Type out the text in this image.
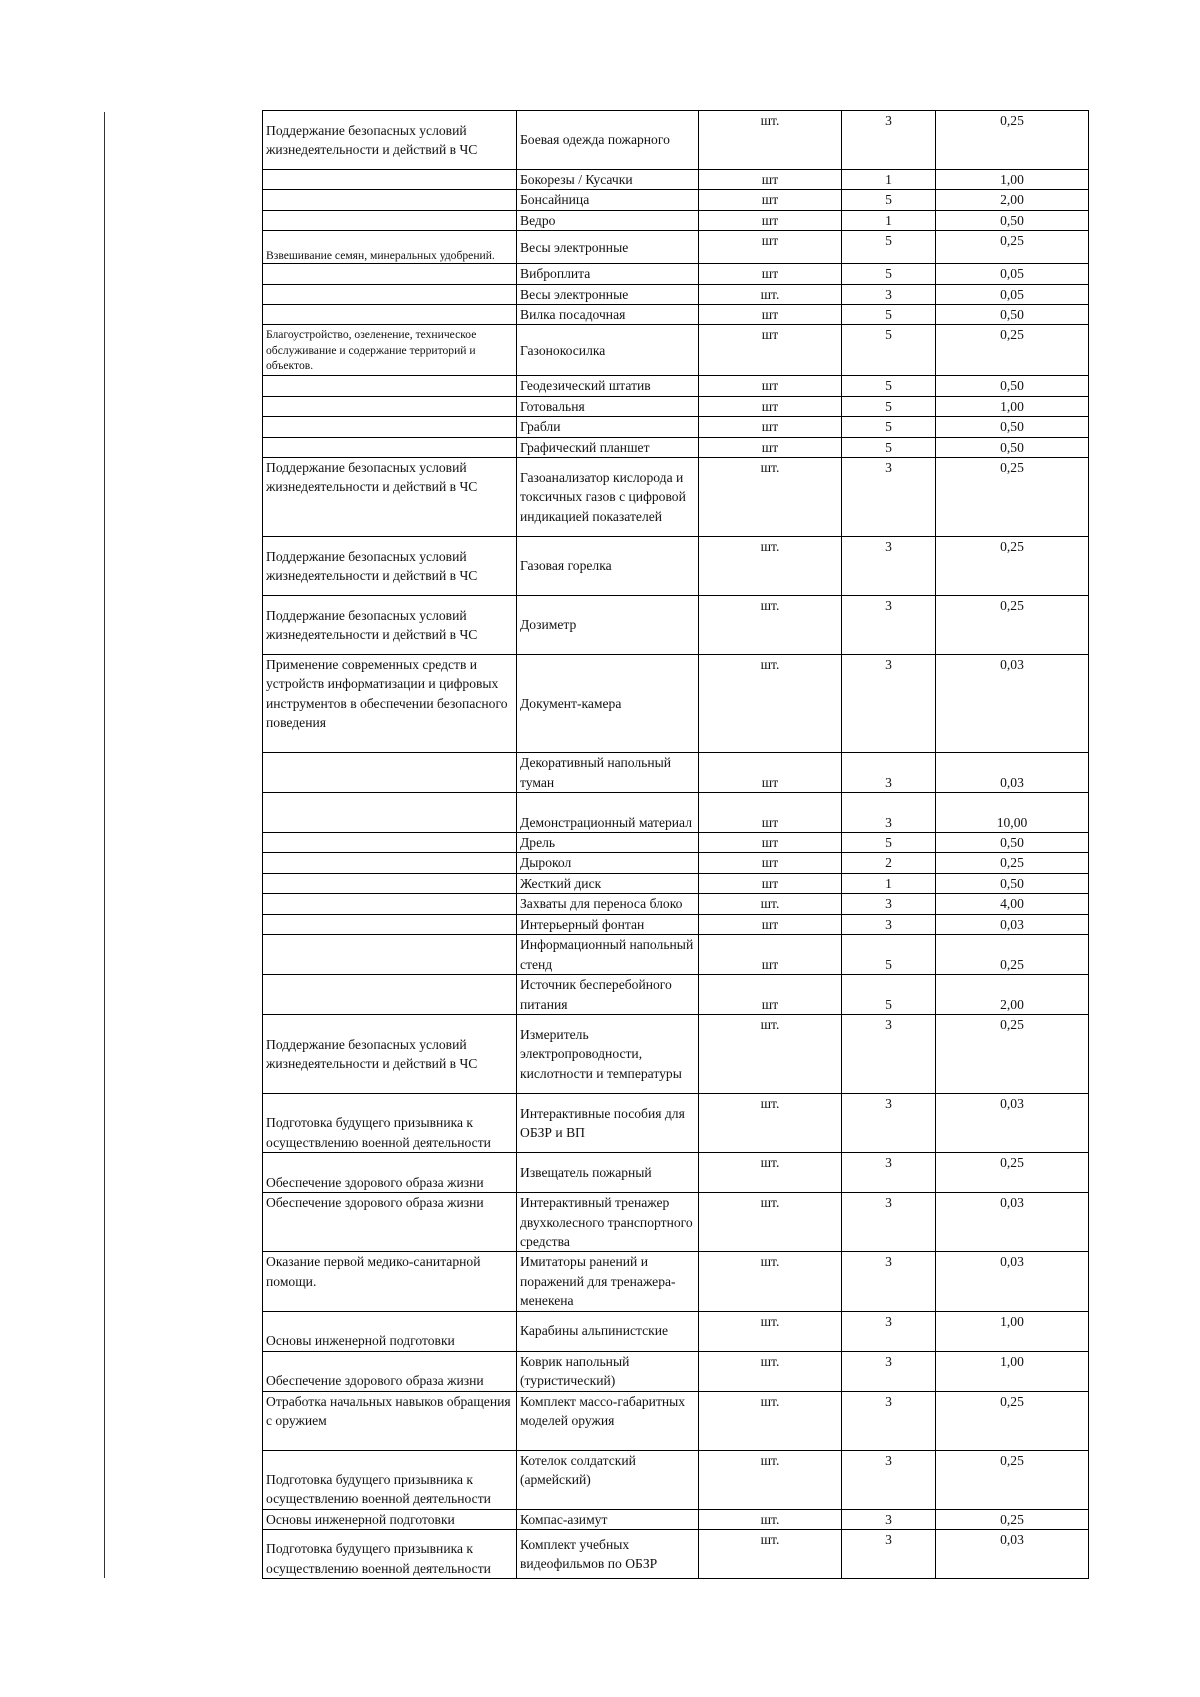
Поддержание безопасных условий жизнедеятельности и действий в ЧС	Боевая одежда пожарного	шт.	3	0,25
	Бокорезы / Кусачки	шт	1	1,00
	Бонсайница	шт	5	2,00
	Ведро	шт	1	0,50
Взвешивание семян, минеральных удобрений.	Весы электронные	шт	5	0,25
	Виброплита	шт	5	0,05
	Весы электронные	шт.	3	0,05
	Вилка посадочная	шт	5	0,50
Благоустройство, озеленение, техническое обслуживание и содержание территорий и объектов.	Газонокосилка	шт	5	0,25
	Геодезический штатив	шт	5	0,50
	Готовальня	шт	5	1,00
	Грабли	шт	5	0,50
	Графический планшет	шт	5	0,50
Поддержание безопасных условий жизнедеятельности и действий в ЧС	Газоанализатор кислорода и токсичных газов с цифровой индикацией показателей	шт.	3	0,25
Поддержание безопасных условий жизнедеятельности и действий в ЧС	Газовая горелка	шт.	3	0,25
Поддержание безопасных условий жизнедеятельности и действий в ЧС	Дозиметр	шт.	3	0,25
Применение современных средств и устройств информатизации и цифровых инструментов в обеспечении безопасного поведения	Документ-камера	шт.	3	0,03
	Декоративный напольный туман	шт	3	0,03
	Демонстрационный материал	шт	3	10,00
	Дрель	шт	5	0,50
	Дырокол	шт	2	0,25
	Жесткий диск	шт	1	0,50
	Захваты для переноса блоко	шт.	3	4,00
	Интерьерный фонтан	шт	3	0,03
	Информационный напольный стенд	шт	5	0,25
	Источник бесперебойного питания	шт	5	2,00
Поддержание безопасных условий жизнедеятельности и действий в ЧС	Измеритель электропроводности, кислотности и температуры	шт.	3	0,25
Подготовка будущего призывника к осуществлению военной деятельности	Интерактивные пособия для ОБЗР и ВП	шт.	3	0,03
Обеспечение здорового образа жизни	Извещатель пожарный	шт.	3	0,25
Обеспечение здорового образа жизни	Интерактивный тренажер двухколесного транспортного средства	шт.	3	0,03
Оказание первой медико-санитарной помощи.	Имитаторы ранений и поражений для тренажера-менекена	шт.	3	0,03
Основы инженерной подготовки	Карабины альпинистские	шт.	3	1,00
Обеспечение здорового образа жизни	Коврик напольный (туристический)	шт.	3	1,00
Отработка начальных навыков обращения с оружием	Комплект массо-габаритных моделей оружия	шт.	3	0,25
Подготовка будущего призывника к осуществлению военной деятельности	Котелок солдатский (армейский)	шт.	3	0,25
Основы инженерной подготовки	Компас-азимут	шт.	3	0,25
Подготовка будущего призывника к осуществлению военной деятельности	Комплект учебных видеофильмов по ОБЗР	шт.	3	0,03
